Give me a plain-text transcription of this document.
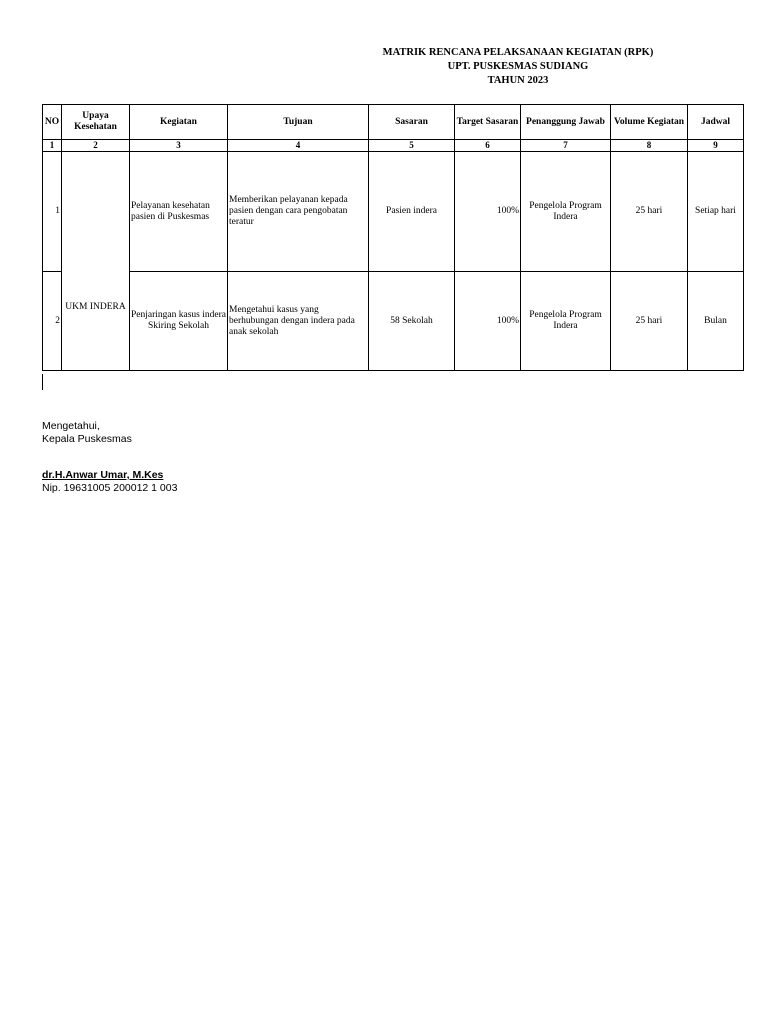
MATRIK RENCANA PELAKSANAAN KEGIATAN (RPK)
UPT. PUSKESMAS SUDIANG
TAHUN 2023
NO	Upaya Kesehatan	Kegiatan	Tujuan	Sasaran	Target Sasaran	Penanggung Jawab	Volume Kegiatan	Jadwal
1	2	3	4	5	6	7	8	9
1	UKM INDERA	Pelayanan kesehatan pasien di Puskesmas	Memberikan pelayanan kepada pasien dengan cara pengobatan teratur	Pasien indera	100%	Pengelola Program Indera	25 hari	Setiap hari
2		Penjaringan kasus indera Skiring Sekolah	Mengetahui kasus yang berhubungan dengan indera pada anak sekolah	58 Sekolah	100%	Pengelola Program Indera	25 hari	Bulan
Mengetahui,
Kepala Puskesmas
dr.H.Anwar Umar, M.Kes
Nip. 19631005 200012 1 003
